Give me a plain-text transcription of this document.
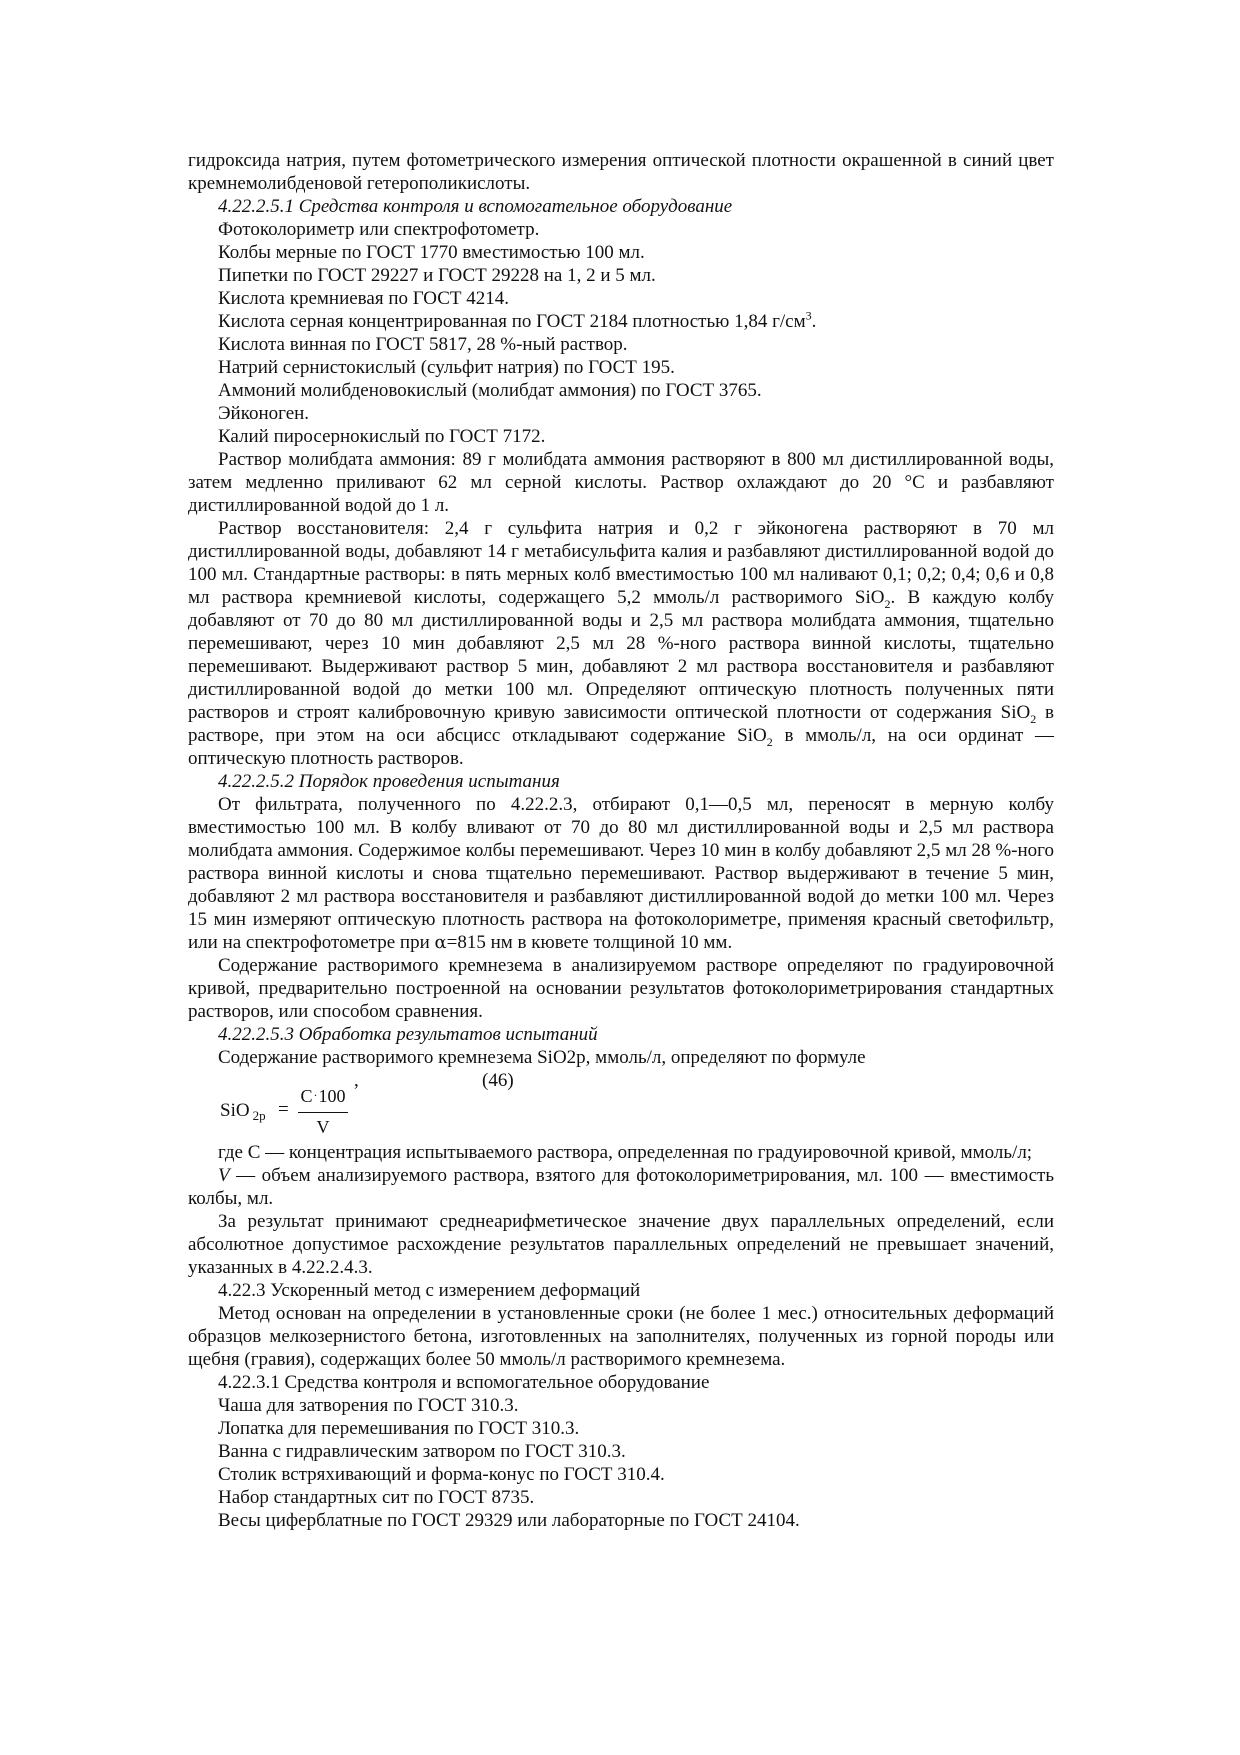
гидроксида натрия, путем фотометрического измерения оптической плотности окрашенной в синий цвет кремнемолибденовой гетерополикислоты.

4.22.2.5.1 Средства контроля и вспомогательное оборудование

Фотоколориметр или спектрофотометр.

Колбы мерные по ГОСТ 1770 вместимостью 100 мл.

Пипетки по ГОСТ 29227 и ГОСТ 29228 на 1, 2 и 5 мл.

Кислота кремниевая по ГОСТ 4214.

Кислота серная концентрированная по ГОСТ 2184 плотностью 1,84 $г/см^3$.

Кислота винная по ГОСТ 5817, 28 %-ный раствор.

Натрий сернистокислый (сульфит натрия) по ГОСТ 195.

Аммоний молибденовокислый (молибдат аммония) по ГОСТ 3765.

Эйконоген.

Калий пиросернокислый по ГОСТ 7172.

Раствор молибдата аммония: 89 г молибдата аммония растворяют в 800 мл дистиллированной воды, затем медленно приливают 62 мл серной кислоты. Раствор охлаждают до 20 °С и разбавляют дистиллированной водой до 1 л.

Раствор восстановителя: 2,4 г сульфита натрия и 0,2 г эйконогена растворяют в 70 мл дистиллированной воды, добавляют 14 г метабисульфита калия и разбавляют дистиллированной водой до 100 мл. Стандартные растворы: в пять мерных колб вместимостью 100 мл наливают 0,1; 0,2; 0,4; 0,6 и 0,8 мл раствора кремниевой кислоты, содержащего 5,2 ммоль/л растворимого SiO$_2$. В каждую колбу добавляют от 70 до 80 мл дистиллированной воды и 2,5 мл раствора молибдата аммония, тщательно перемешивают, через 10 мин добавляют 2,5 мл 28 %-ного раствора винной кислоты, тщательно перемешивают. Выдерживают раствор 5 мин, добавляют 2 мл раствора восстановителя и разбавляют дистиллированной водой до метки 100 мл. Определяют оптическую плотность полученных пяти растворов и строят калибровочную кривую зависимости оптической плотности от содержания SiO$_2$ в растворе, при этом на оси абсцисс откладывают содержание SiO$_2$ в ммоль/л, на оси ординат — оптическую плотность растворов.

4.22.2.5.2 Порядок проведения испытания

От фильтрата, полученного по 4.22.2.3, отбирают 0,1—0,5 мл, переносят в мерную колбу вместимостью 100 мл. В колбу вливают от 70 до 80 мл дистиллированной воды и 2,5 мл раствора молибдата аммония. Содержимое колбы перемешивают. Через 10 мин в колбу добавляют 2,5 мл 28 %-ного раствора винной кислоты и снова тщательно перемешивают. Раствор выдерживают в течение 5 мин, добавляют 2 мл раствора восстановителя и разбавляют дистиллированной водой до метки 100 мл. Через 15 мин измеряют оптическую плотность раствора на фотоколориметре, применяя красный светофильтр, или на спектрофотометре при α=815 нм в кювете толщиной 10 мм.

Содержание растворимого кремнезема в анализируемом растворе определяют по градуировочной кривой, предварительно построенной на основании результатов фотоколориметрирования стандартных растворов, или способом сравнения.

4.22.2.5.3 Обработка результатов испытаний

Содержание растворимого кремнезема SiO2р, ммоль/л, определяют по формуле

,	(46)
SiO $_{2р} = \frac{C\cdot 100}{V}$

где С — концентрация испытываемого раствора, определенная по градуировочной кривой, ммоль/л;

V — объем анализируемого раствора, взятого для фотоколориметрирования, мл. 100 — вместимость колбы, мл.

За результат принимают среднеарифметическое значение двух параллельных определений, если абсолютное допустимое расхождение результатов параллельных определений не превышает значений, указанных в 4.22.2.4.3.

4.22.3 Ускоренный метод с измерением деформаций

Метод основан на определении в установленные сроки (не более 1 мес.) относительных деформаций образцов мелкозернистого бетона, изготовленных на заполнителях, полученных из горной породы или щебня (гравия), содержащих более 50 ммоль/л растворимого кремнезема.

4.22.3.1 Средства контроля и вспомогательное оборудование

Чаша для затворения по ГОСТ 310.3.

Лопатка для перемешивания по ГОСТ 310.3.

Ванна с гидравлическим затвором по ГОСТ 310.3.

Столик встряхивающий и форма-конус по ГОСТ 310.4.

Набор стандартных сит по ГОСТ 8735.

Весы циферблатные по ГОСТ 29329 или лабораторные по ГОСТ 24104.
